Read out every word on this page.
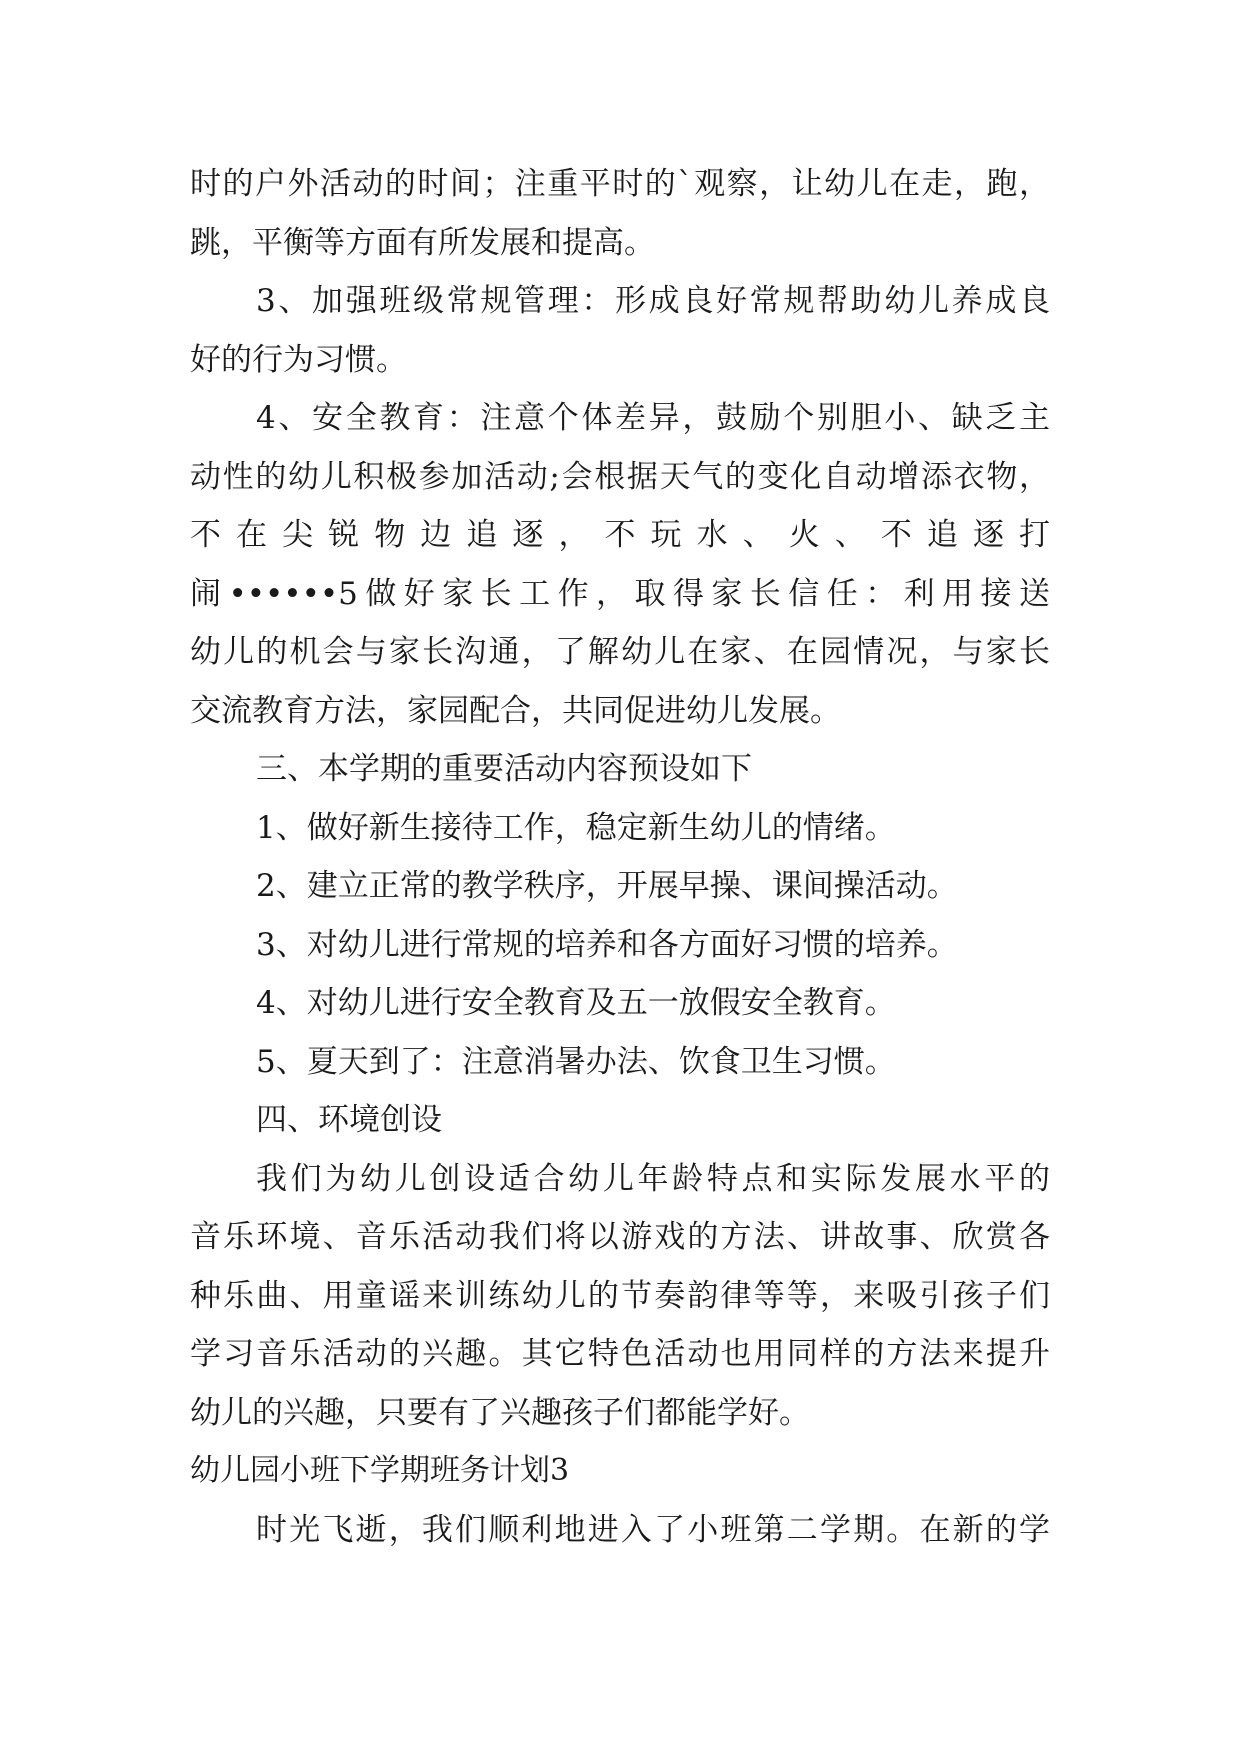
时的户外活动的时间；注重平时的`观察，让幼儿在走，跑，
跳，平衡等方面有所发展和提高。
3、加强班级常规管理：形成良好常规帮助幼儿养成良
好的行为习惯。
4、安全教育：注意个体差异，鼓励个别胆小、缺乏主
动性的幼儿积极参加活动;会根据天气的变化自动增添衣物，
不在尖锐物边追逐，不玩水、火、不追逐打
闹••••••5做好家长工作，取得家长信任：利用接送
幼儿的机会与家长沟通，了解幼儿在家、在园情况，与家长
交流教育方法，家园配合，共同促进幼儿发展。
三、本学期的重要活动内容预设如下
1、做好新生接待工作，稳定新生幼儿的情绪。
2、建立正常的教学秩序，开展早操、课间操活动。
3、对幼儿进行常规的培养和各方面好习惯的培养。
4、对幼儿进行安全教育及五一放假安全教育。
5、夏天到了：注意消暑办法、饮食卫生习惯。
四、环境创设
我们为幼儿创设适合幼儿年龄特点和实际发展水平的
音乐环境、音乐活动我们将以游戏的方法、讲故事、欣赏各
种乐曲、用童谣来训练幼儿的节奏韵律等等，来吸引孩子们
学习音乐活动的兴趣。其它特色活动也用同样的方法来提升
幼儿的兴趣，只要有了兴趣孩子们都能学好。
幼儿园小班下学期班务计划3
时光飞逝，我们顺利地进入了小班第二学期。在新的学
